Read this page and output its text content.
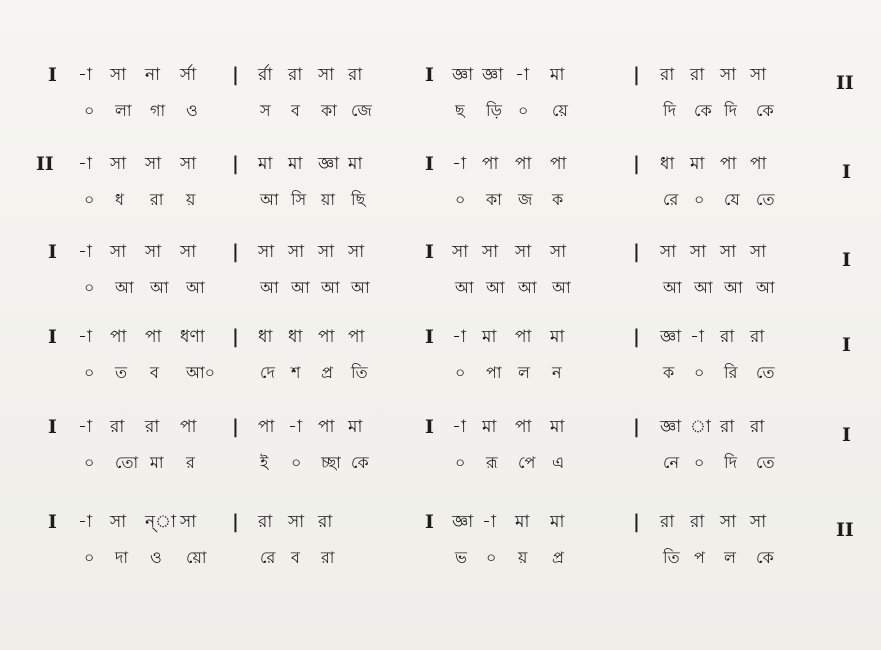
I -া সা না র্সা | র্রা রা সা রা	I জ্ঞা জ্ঞা -া মা	| রা রা সা সা	II
০ লা গা ও	স ব কা জে	ছ ড়ি ০ য়ে	দি কে দি কে
II -া সা সা সা | মা মা জ্ঞা মা	I -া পা পা পা	| ধা মা পা পা	I
০ ধ রা য়	আ সি য়া ছি	০ কা জ ক	রে ০ যে তে
I -া সা সা সা | সা সা সা সা	I সা সা সা সা	| সা সা সা সা	I
০ আ আ আ	আ আ আ আ	আ আ আ আ	আ আ আ আ
I -া পা পা ধণা | ধা ধা পা পা	I -া মা পা মা	| জ্ঞা -া রা রা	I
০ ত ব আ০	দে শ প্র তি	০ পা ল ন	ক ০ রি তে
I -া রা রা পা | পা -া পা মা	I -া মা পা মা	| জ্ঞা া রা রা	I
০ তো মা র	ই ০ চ্ছা কে	০ রূ পে এ	নে ০ দি তে
I -া সা ন্‌া সা | রা সা রা	I জ্ঞা -া মা মা	| রা রা সা সা	II
০ দা ও য়ো	রে ব রা	ভ ০ য় প্র	তি প ল কে
